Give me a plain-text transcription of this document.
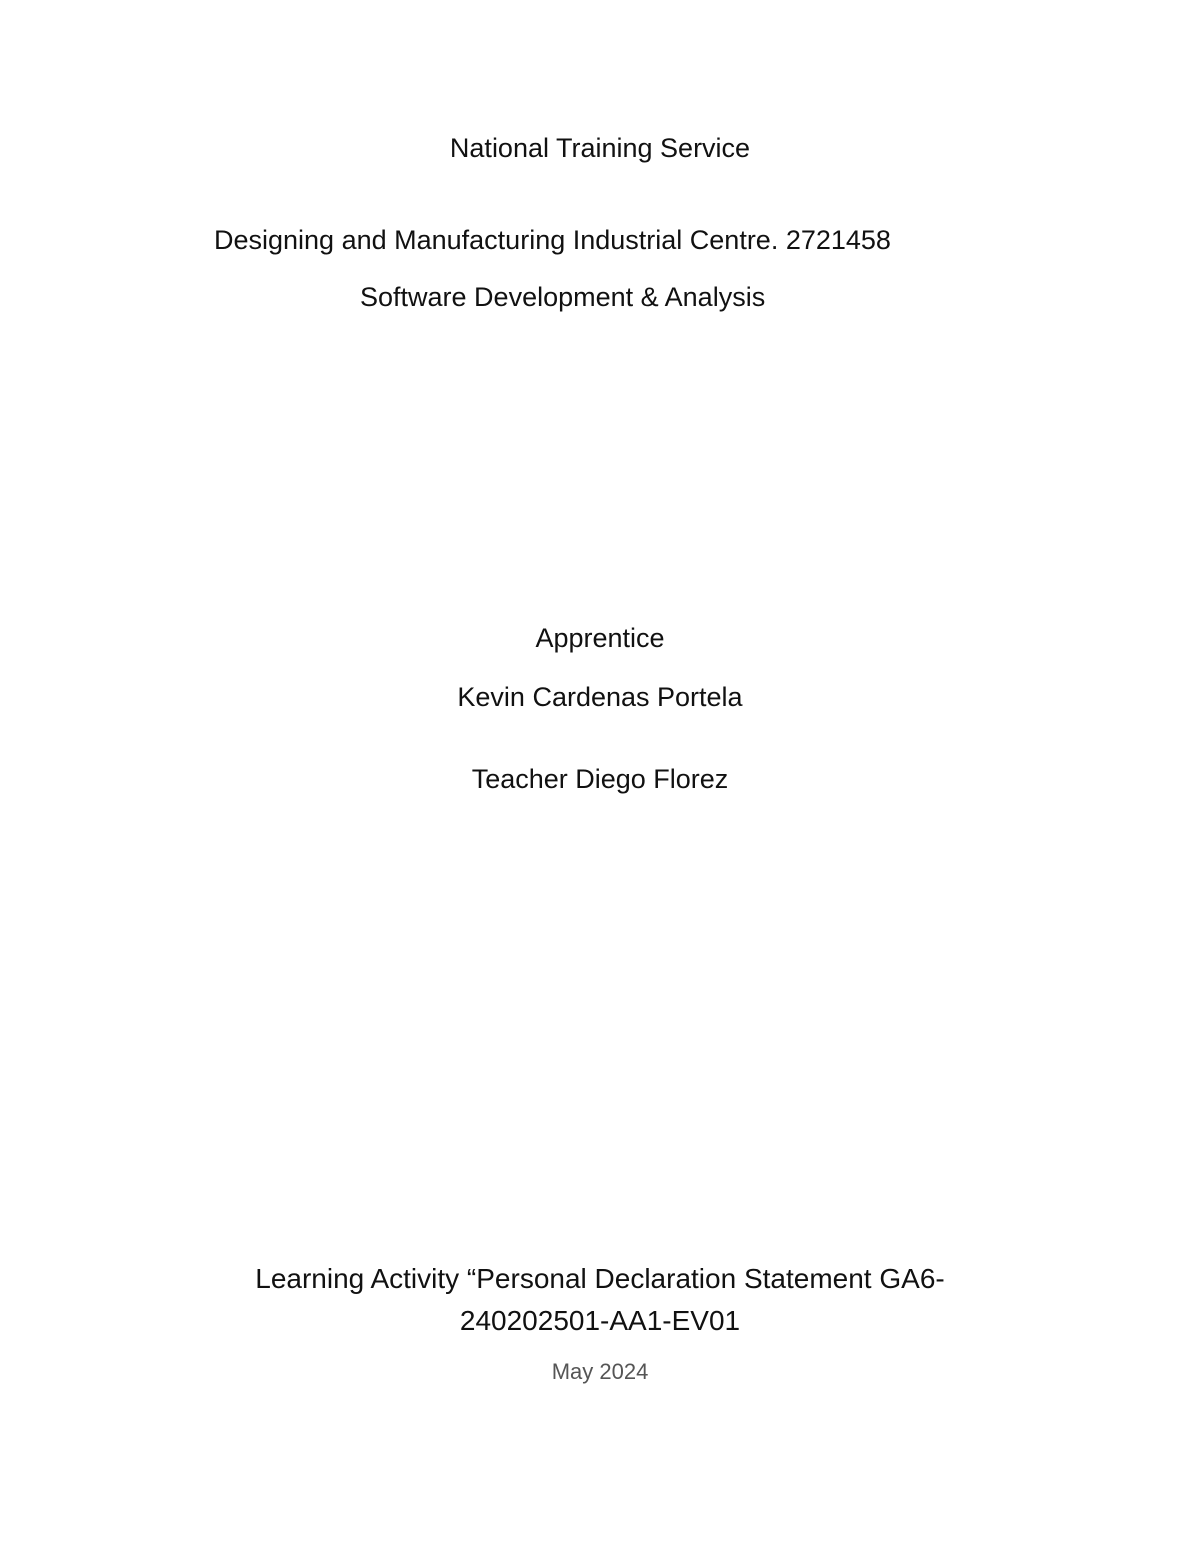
National Training Service
Designing and Manufacturing Industrial Centre. 2721458
Software Development & Analysis
Apprentice
Kevin Cardenas Portela
Teacher Diego Florez
Learning Activity “Personal Declaration Statement GA6-
240202501-AA1-EV01
May 2024
